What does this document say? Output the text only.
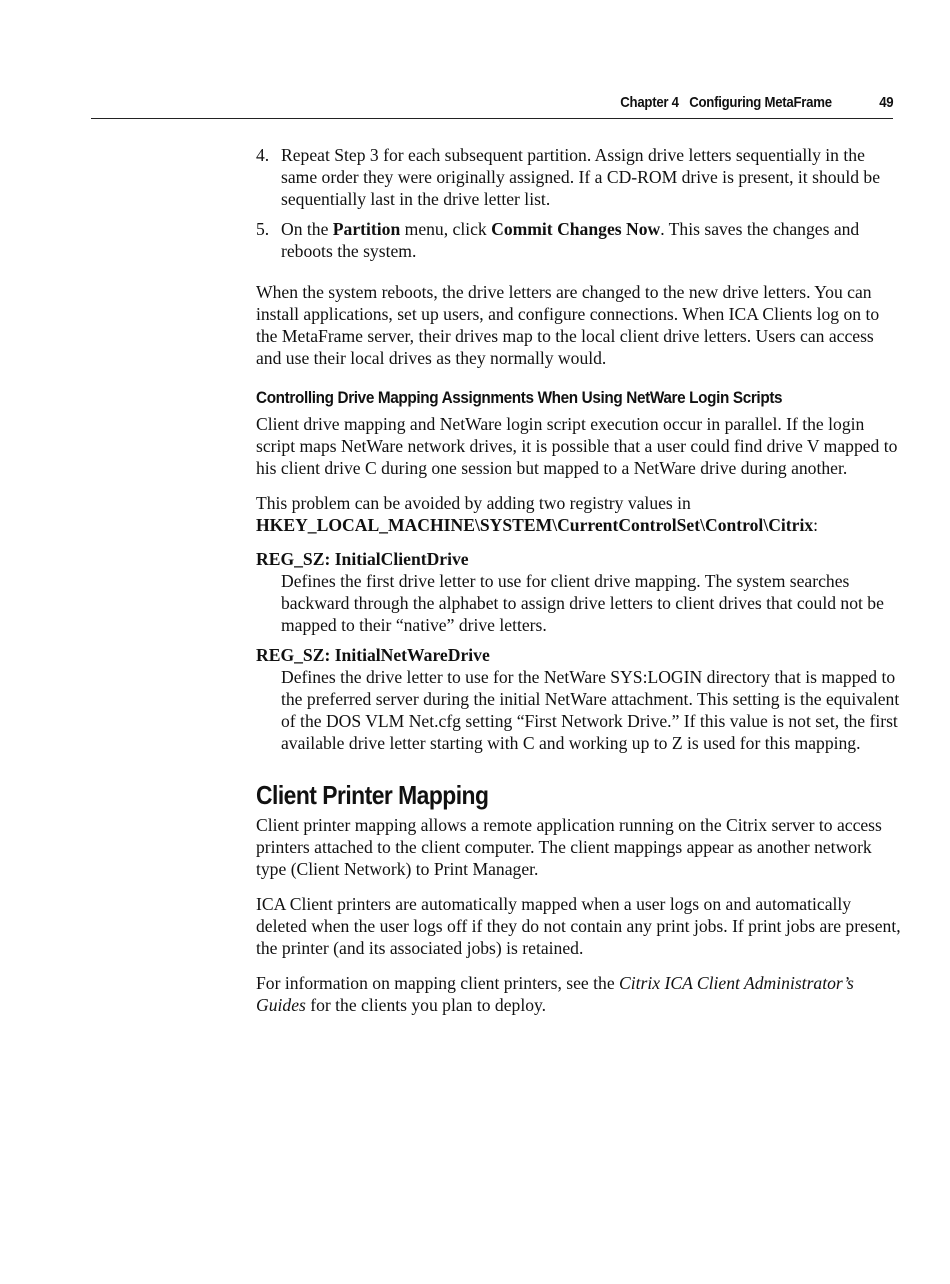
Chapter 4 Configuring MetaFrame	49
4. Repeat Step 3 for each subsequent partition. Assign drive letters sequentially in the same order they were originally assigned. If a CD-ROM drive is present, it should be sequentially last in the drive letter list.
5. On the Partition menu, click Commit Changes Now. This saves the changes and reboots the system.

When the system reboots, the drive letters are changed to the new drive letters. You can install applications, set up users, and configure connections. When ICA Clients log on to the MetaFrame server, their drives map to the local client drive letters. Users can access and use their local drives as they normally would.

Controlling Drive Mapping Assignments When Using NetWare Login Scripts

Client drive mapping and NetWare login script execution occur in parallel. If the login script maps NetWare network drives, it is possible that a user could find drive V mapped to his client drive C during one session but mapped to a NetWare drive during another.

This problem can be avoided by adding two registry values in
HKEY_LOCAL_MACHINE\SYSTEM\CurrentControlSet\Control\Citrix:

REG_SZ: InitialClientDrive
Defines the first drive letter to use for client drive mapping. The system searches backward through the alphabet to assign drive letters to client drives that could not be mapped to their “native” drive letters.
REG_SZ: InitialNetWareDrive
Defines the drive letter to use for the NetWare SYS:LOGIN directory that is mapped to the preferred server during the initial NetWare attachment. This setting is the equivalent of the DOS VLM Net.cfg setting “First Network Drive.” If this value is not set, the first available drive letter starting with C and working up to Z is used for this mapping.
Client Printer Mapping

Client printer mapping allows a remote application running on the Citrix server to access printers attached to the client computer. The client mappings appear as another network type (Client Network) to Print Manager.

ICA Client printers are automatically mapped when a user logs on and automatically deleted when the user logs off if they do not contain any print jobs. If print jobs are present, the printer (and its associated jobs) is retained.

For information on mapping client printers, see the Citrix ICA Client Administrator’s Guides for the clients you plan to deploy.
